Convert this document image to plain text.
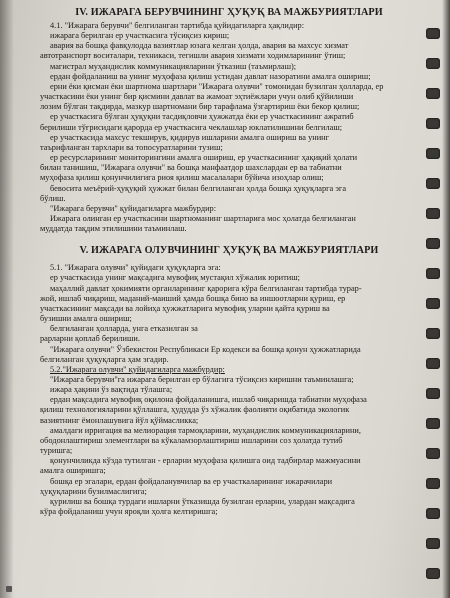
IV. ИЖАРАГА БЕРУВЧИНИНГ ҲУҚУҚ ВА МАЖБУРИЯТЛАРИ

4.1. "Ижарага берувчи" белгиланган тартибда қуйидагиларга ҳақлидир:

ижарага берилган ер участкасига тўсиқсиз кириш;

авария ва бошқа фавқулодда вазиятлар юзага келган ҳолда, авария ва махсус хизмат

автотранспорт воситалари, техникаси, тегишли авария хизмати ходимларининг ўтиш;

магистрал муҳандислик коммуникацияларини ўтказиш (таъмирлаш);

ердан фойдаланиш ва унинг муҳофаза қилиш устидан давлат назоратини амалга ошириш;

ерни ёки қисман ёки шартнома шартлари "Ижарага олувчи" томонидан бузилган ҳолларда, ер

участкасини ёки унинг бир қисмини давлат ва жамоат эҳтиёжлари учун олиб қўйилиши

лозим бўлган тақдирда, мазкур шартномани бир тарафлама ўзгартириш ёки бекор қилиш;

ер участкасига бўлган ҳуқуқни тасдиқловчи ҳужжатда ёки ер участкасининг ажратиб

берилиши тўғрисидаги қарорда ер участкасига чеклашлар юклатилишини белгилаш;

ер участкасида махсус текширув, қидирув ишларини амалга ошириш ва унинг

таърифланган тархлари ва топосуратларини тузиш;

ер ресурсларининг мониторингини амалга ошириш, ер участкасининг ҳақиқий ҳолати

билан танишиш, "Ижарага олувчи" ва бошқа манфаатдор шахслардан ер ва табиатни

муҳофаза қилиш қонунчилигига риоя қилиш масалалари бўйича изоҳлар олиш;

бевосита меъёрий-ҳуқуқий ҳужжат билан белгиланган ҳолда бошқа ҳуқуқларга эга

бўлиш.

"Ижарага берувчи" қуйидагиларга мажбурдир:

Ижарага олинган ер участкасини шартноманинг шартларига мос ҳолатда белгиланган

муддатда тақдим этилишини таъминлаш.

V. ИЖАРАГА ОЛУВЧИНИНГ ҲУҚУҚ ВА МАЖБУРИЯТЛАРИ

5.1. "Ижарага олувчи" қуйидаги ҳуқуқларга эга:

ер участкасида унинг мақсадига мувофиқ мустақил хўжалик юритиш;

маҳаллий давлат ҳокимияти органларининг қарорига кўра белгиланган тартибда турар-

жой, ишлаб чиқариш, маданий-маиший ҳамда бошқа бино ва иншоотларни қуриш, ер

участкасининг мақсади ва лойиҳа ҳужжатларига мувофиқ уларни қайта қуриш ва

бузишни амалга ошириш;

белгиланган ҳолларда, унга етказилган за

рарларни қоплаб берилиши.

"Ижарага олувчи" Ўзбекистон Республикаси Ер кодекси ва бошқа қонун ҳужжатларида

белгиланган ҳуқуқларга ҳам эгадир.

5.2."Ижарага олувчи" қуйидагиларга мажбурдир:

"Ижарага берувчи"га ижарага берилган ер бўлагига тўсиқсиз киришни таъминлашга;

ижара ҳақини ўз вақтида тўлашга;

ердан мақсадига мувофиқ оқилона фойдаланишга, ишлаб чиқаришда табиатни муҳофаза

қилиш технологияларини қўллашга, ҳудудда ўз хўжалик фаолияти оқибатида экологик

вазиятнинг ёмонлашувига йўл қўймасликка;

амалдаги ирригация ва мелиорация тармоқларини, муҳандислик коммуникацияларини,

ободонлаштириш элементлари ва кўкаламзорлаштириш ишларини соз ҳолатда тутиб

туришга;

қонунчиликда кўзда тутилган - ерларни муҳофаза қилишга оид тадбирлар мажмуасини

амалга оширишга;

бошқа ер эгалари, ердан фойдаланувчилар ва ер участкаларининг ижарачилари

ҳуқуқларини бузилмаслигига;

қурилиш ва бошқа турдаги ишларни ўтказишда бузилган ерларни, улардан мақсадига

кўра фойдаланиш учун яроқли ҳолга келтиришга;
